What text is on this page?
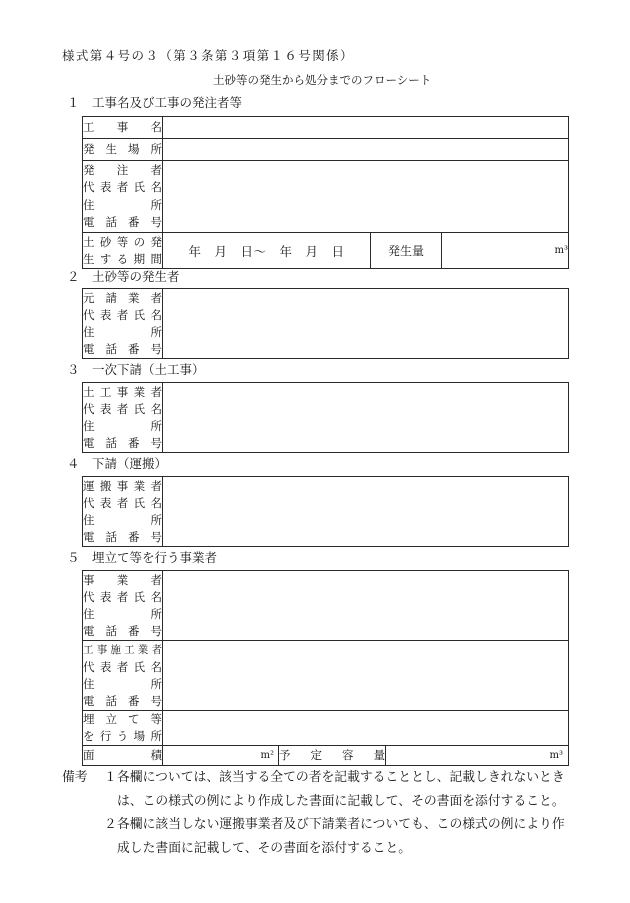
様式第４号の３（第３条第３項第１６号関係）
土砂等の発生から処分までのフローシート
１ 工事名及び工事の発注者等
工　事　名			

発 生 場 所			

発　注　者
代表者氏名
住　　　所
電 話 番 号			

土砂等の発
生する期間	年　月　日〜　年　月　日	発生量	m³
２ 土砂等の発生者
元 請 業 者
代表者氏名
住　　　所
電 話 番 号

３ 一次下請（土工事）
土工事業者
代表者氏名
住　　　所
電 話 番 号

４ 下請（運搬）
運搬事業者
代表者氏名
住　　　所
電 話 番 号

５ 埋立て等を行う事業者
事　業　者
代表者氏名
住　　　所
電 話 番 号			

工事施工業者
代表者氏名
住　　　所
電 話 番 号			

埋 立 て 等
を行う場所			

面　　　積	m²	予　定　容　量	m³
備考	１ 各欄については、該当する全ての者を記載することとし、記載しきれないとき
は、この様式の例により作成した書面に記載して、その書面を添付すること。
２ 各欄に該当しない運搬事業者及び下請業者についても、この様式の例により作
成した書面に記載して、その書面を添付すること。
